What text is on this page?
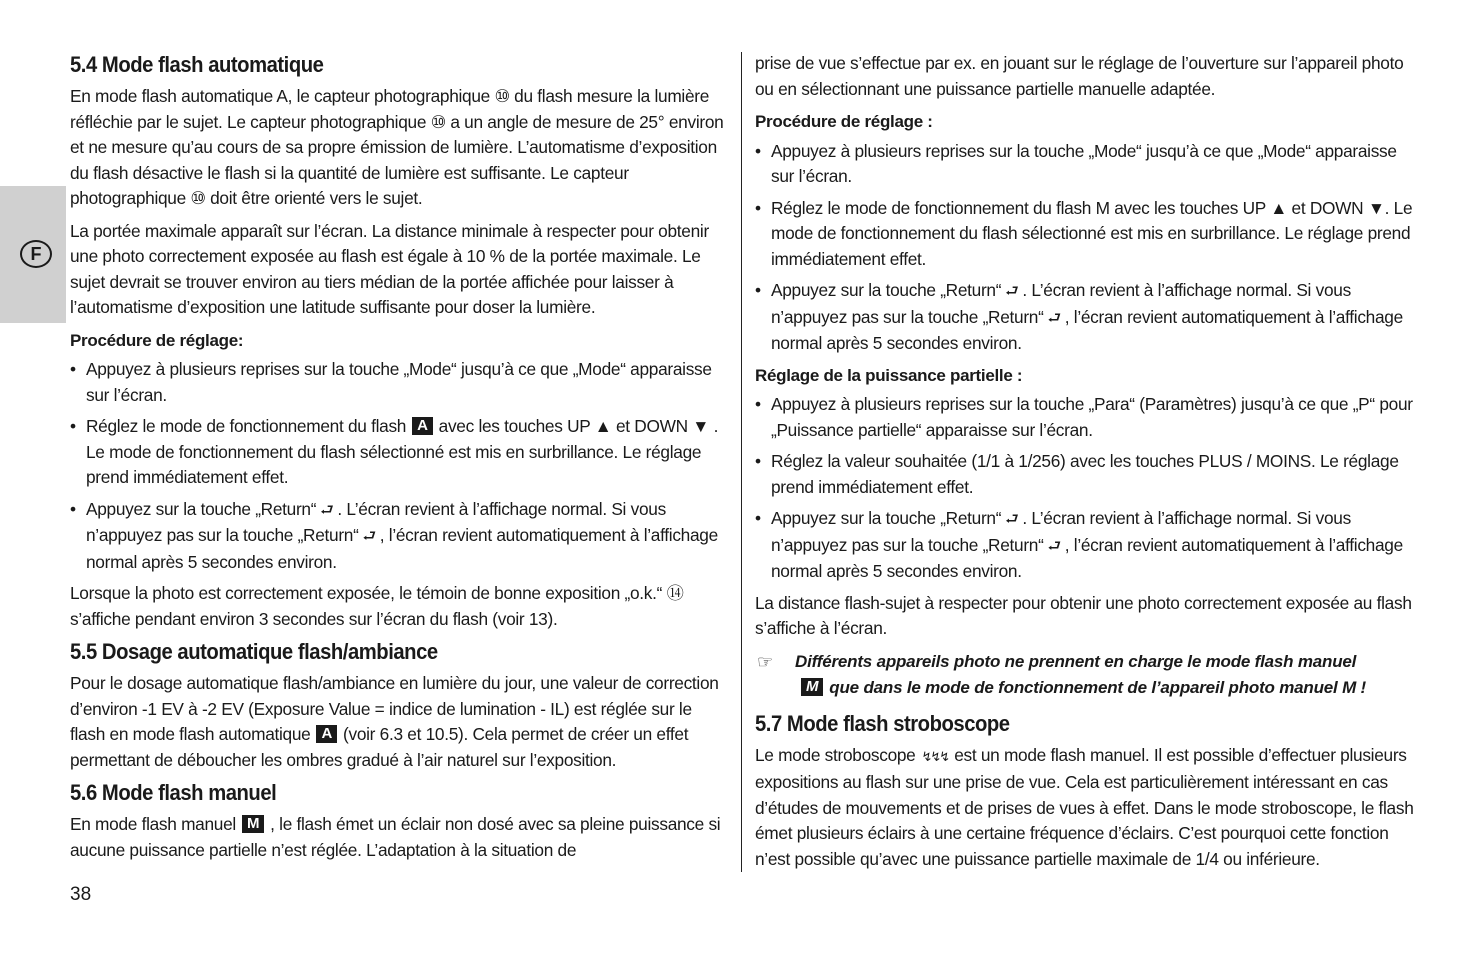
F
5.4 Mode flash automatique

En mode flash automatique A, le capteur photographique ⑩ du flash mesure la lumière réfléchie par le sujet. Le capteur photographique ⑩ a un angle de mesure de 25° environ et ne mesure qu’au cours de sa propre émission de lumière. L’automatisme d’exposition du flash désactive le flash si la quantité de lumière est suffisante. Le capteur photographique ⑩ doit être orienté vers le sujet.

La portée maximale apparaît sur l’écran. La distance minimale à respecter pour obtenir une photo correctement exposée au flash est égale à 10 % de la portée maximale. Le sujet devrait se trouver environ au tiers médian de la portée affichée pour laisser à l’automatisme d’exposition une latitude suffisante pour doser la lumière.

Procédure de réglage:
• Appuyez à plusieurs reprises sur la touche „Mode“ jusqu’à ce que „Mode“ apparaisse sur l’écran.
• Réglez le mode de fonctionnement du flash A avec les touches UP ▲ et DOWN ▼ . Le mode de fonctionnement du flash sélectionné est mis en surbrillance. Le réglage prend immédiatement effet.
• Appuyez sur la touche „Return“ ⮐ . L’écran revient à l’affichage normal. Si vous n’appuyez pas sur la touche „Return“ ⮐ , l’écran revient automatiquement à l’affichage normal après 5 secondes environ.

Lorsque la photo est correctement exposée, le témoin de bonne exposition „o.k.“ ⑭ s’affiche pendant environ 3 secondes sur l’écran du flash (voir 13).

5.5 Dosage automatique flash/ambiance

Pour le dosage automatique flash/ambiance en lumière du jour, une valeur de correction d’environ -1 EV à -2 EV (Exposure Value = indice de lumination - IL) est réglée sur le flash en mode flash automatique A (voir 6.3 et 10.5). Cela permet de créer un effet permettant de déboucher les ombres gradué à l’air naturel sur l’exposition.

5.6 Mode flash manuel

En mode flash manuel M , le flash émet un éclair non dosé avec sa pleine puissance si aucune puissance partielle n’est réglée. L’adaptation à la situation de

prise de vue s’effectue par ex. en jouant sur le réglage de l’ouverture sur l’appareil photo ou en sélectionnant une puissance partielle manuelle adaptée.

Procédure de réglage :
• Appuyez à plusieurs reprises sur la touche „Mode“ jusqu’à ce que „Mode“ apparaisse sur l’écran.
• Réglez le mode de fonctionnement du flash M avec les touches UP ▲ et DOWN ▼. Le mode de fonctionnement du flash sélectionné est mis en surbrillance. Le réglage prend immédiatement effet.
• Appuyez sur la touche „Return“ ⮐ . L’écran revient à l’affichage normal. Si vous n’appuyez pas sur la touche „Return“ ⮐ , l’écran revient automatiquement à l’affichage normal après 5 secondes environ.
Réglage de la puissance partielle :
• Appuyez à plusieurs reprises sur la touche „Para“ (Paramètres) jusqu’à ce que „P“ pour „Puissance partielle“ apparaisse sur l’écran.
• Réglez la valeur souhaitée (1/1 à 1/256) avec les touches PLUS / MOINS. Le réglage prend immédiatement effet.
• Appuyez sur la touche „Return“ ⮐ . L’écran revient à l’affichage normal. Si vous n’appuyez pas sur la touche „Return“ ⮐ , l’écran revient automatiquement à l’affichage normal après 5 secondes environ.

La distance flash-sujet à respecter pour obtenir une photo correctement exposée au flash s’affiche à l’écran.

☞ Différents appareils photo ne prennent en charge le mode flash manuel
M que dans le mode de fonctionnement de l’appareil photo manuel M !
5.7 Mode flash stroboscope

Le mode stroboscope ↯↯↯ est un mode flash manuel. Il est possible d’effectuer plusieurs expositions au flash sur une prise de vue. Cela est particulièrement intéressant en cas d’études de mouvements et de prises de vues à effet. Dans le mode stroboscope, le flash émet plusieurs éclairs à une certaine fréquence d’éclairs. C’est pourquoi cette fonction n’est possible qu’avec une puissance partielle maximale de 1/4 ou inférieure.

38
